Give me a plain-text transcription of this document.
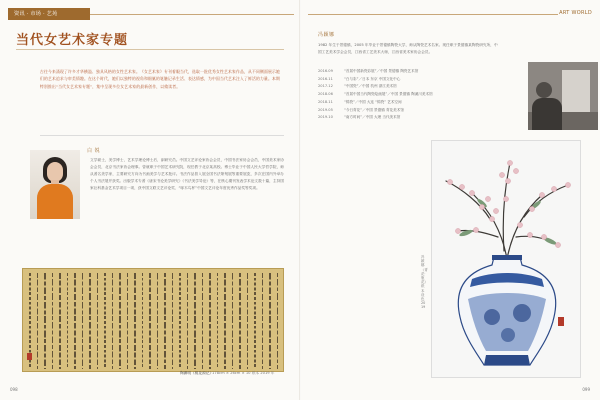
资讯 · 市场 · 艺苑
当代女艺术家专题
古往今来涌现了许多才华横溢、独具风格的女性艺术家。《女艺术家》专刊着眼当代，选取一批优秀女性艺术家作品，从不同侧面展示她们的艺术追求与审美情趣。在这个时代，她们以独特的视角和细腻的笔触记录生活、表达情感，为中国当代艺术注入了鲜活的力量。本期特别推出“当代女艺术家专题”，集中呈现多位女艺术家的最新创作，以飨读者。
白 锐
文学硕士，美学博士，艺术学理论博士后，副研究员。中国文艺评论家协会会员，中国书法家协会会员，中国美术家协会会员，北京书法家协会理事。曾就职于中国艺术研究院，现任教于北京某高校。博士毕业于中国人民大学哲学院，师从著名美学家，主要研究方向为书画美学与艺术批评。书法作品曾入展全国书法篆刻展等重要展览，多次在国内外举办个人书法展并获奖。出版学术专著《唐宋书论美学研究》《书法美学导论》等，在核心期刊发表学术论文数十篇，主持国家社科基金艺术学项目一项，获中国文联文艺评论奖、“啄木鸟杯”中国文艺评论年度优秀作品奖等奖项。
陶渊明《桃花源记》
178cm × 26cm × 10 纸本 2019 年
098
ART WORLD
冯颖娜
1982 年生于景德镇，2005 年毕业于景德镇陶瓷大学，师从陶瓷艺术名家。现任职于景德镇某陶瓷研究所，中国工艺美术学会会员，江西省工艺美术大师，江西省美术家协会会员。
2016.09	“首届中国新瓷彩展”／中国 景德镇 陶瓷艺术馆
2016.11	“白与彩”／日本 东京 中国文化中心
2017.12	“中国瓷”／中国 杭州 浙江美术馆
2018.06	“首届中国当代陶瓷绘画展”／中国 景德镇 陶溪川美术馆
2018.11	“锦瓷”／中国 大连 “锦瓷” 艺术空间
2019.05	“今日青花”／中国 景德镇 青花美术馆
2019.10	“南方时间”／中国 大理 当代美术馆
冯颖娜《青花·瓶花》 纸本设色 2019
099
